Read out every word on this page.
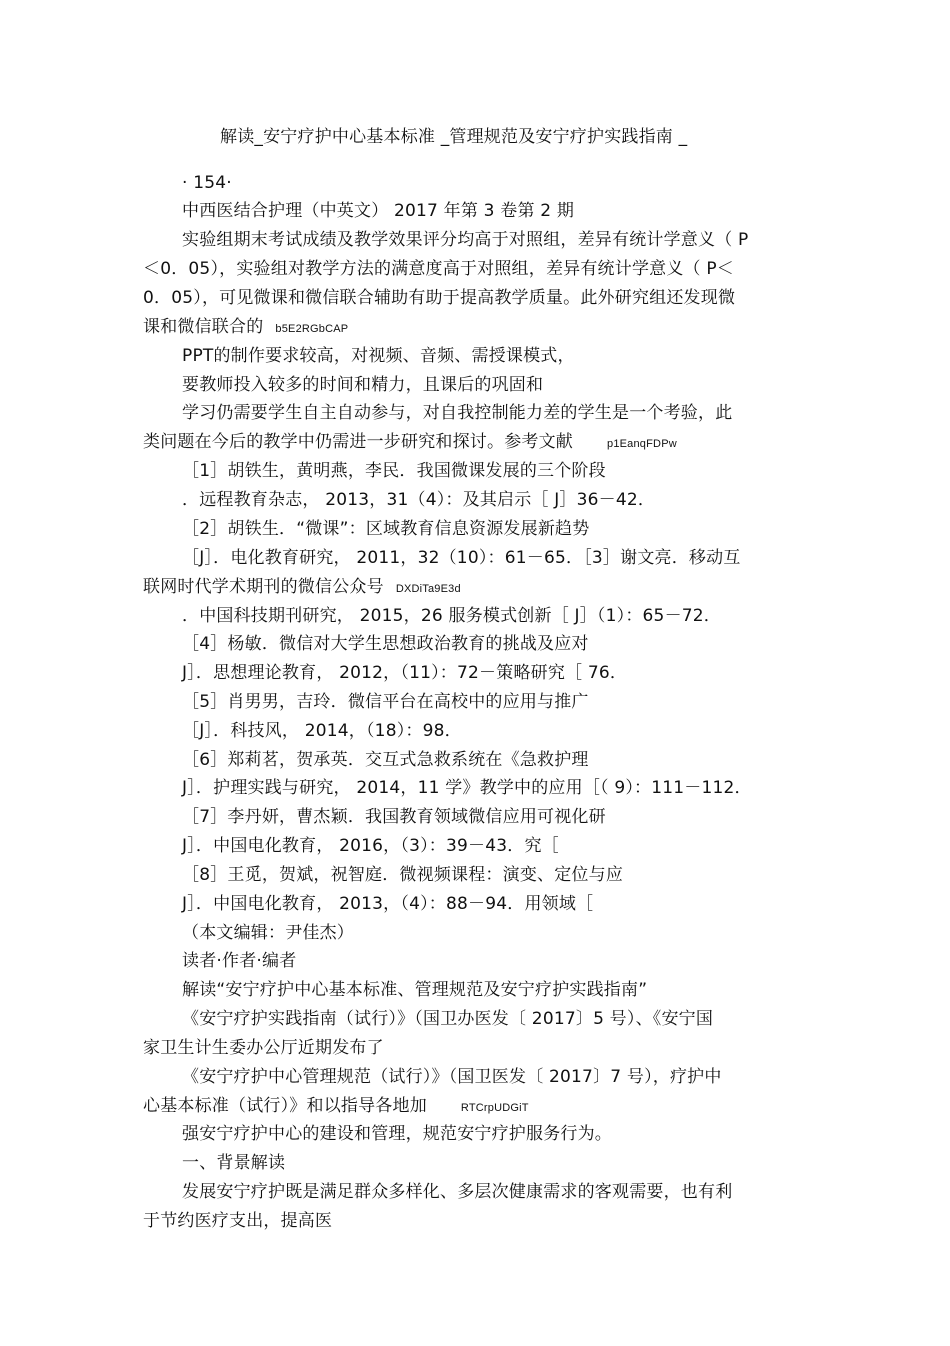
解读_安宁疗护中心基本标准 _管理规范及安宁疗护实践指南 _
· 154·
中西医结合护理（中英文） 2017 年第 3 卷第 2 期
实验组期末考试成绩及教学效果评分均高于对照组，差异有统计学意义（ P
＜0．05），实验组对教学方法的满意度高于对照组，差异有统计学意义（ P＜
0．05），可见微课和微信联合辅助有助于提高教学质量。此外研究组还发现微
课和微信联合的 b5E2RGbCAP
PPT的制作要求较高，对视频、音频、需授课模式，
要教师投入较多的时间和精力，且课后的巩固和
学习仍需要学生自主自动参与，对自我控制能力差的学生是一个考验，此
类问题在今后的教学中仍需进一步研究和探讨。参考文献	p1EanqFDPw
［1］胡铁生，黄明燕，李民．我国微课发展的三个阶段
．远程教育杂志， 2013，31（4）：及其启示［ J］36－42．
［2］胡铁生．“微课”：区域教育信息资源发展新趋势
［J］．电化教育研究， 2011，32（10）：61－65．［3］谢文亮．移动互
联网时代学术期刊的微信公众号 DXDiTa9E3d
．中国科技期刊研究， 2015，26 服务模式创新［ J］（1）：65－72．
［4］杨敏．微信对大学生思想政治教育的挑战及应对
J］．思想理论教育， 2012，（11）：72－策略研究［ 76．
［5］肖男男，吉玲．微信平台在高校中的应用与推广
［J］．科技风， 2014，（18）：98．
［6］郑莉茗，贺承英．交互式急救系统在《急救护理
J］．护理实践与研究， 2014，11 学》教学中的应用［（ 9）：111－112．
［7］李丹妍，曹杰颖．我国教育领域微信应用可视化研
J］．中国电化教育， 2016，（3）：39－43．究［
［8］王觅，贺斌，祝智庭．微视频课程：演变、定位与应
J］．中国电化教育， 2013，（4）：88－94．用领域［
（本文编辑：尹佳杰）
读者·作者·编者
解读“安宁疗护中心基本标准、管理规范及安宁疗护实践指南”
《安宁疗护实践指南（试行）》（国卫办医发〔 2017〕5 号）、《安宁国
家卫生计生委办公厅近期发布了
《安宁疗护中心管理规范（试行）》（国卫医发〔 2017〕7 号），疗护中
心基本标准（试行）》和以指导各地加	RTCrpUDGiT
强安宁疗护中心的建设和管理，规范安宁疗护服务行为。
一、背景解读
发展安宁疗护既是满足群众多样化、多层次健康需求的客观需要，也有利
于节约医疗支出，提高医
